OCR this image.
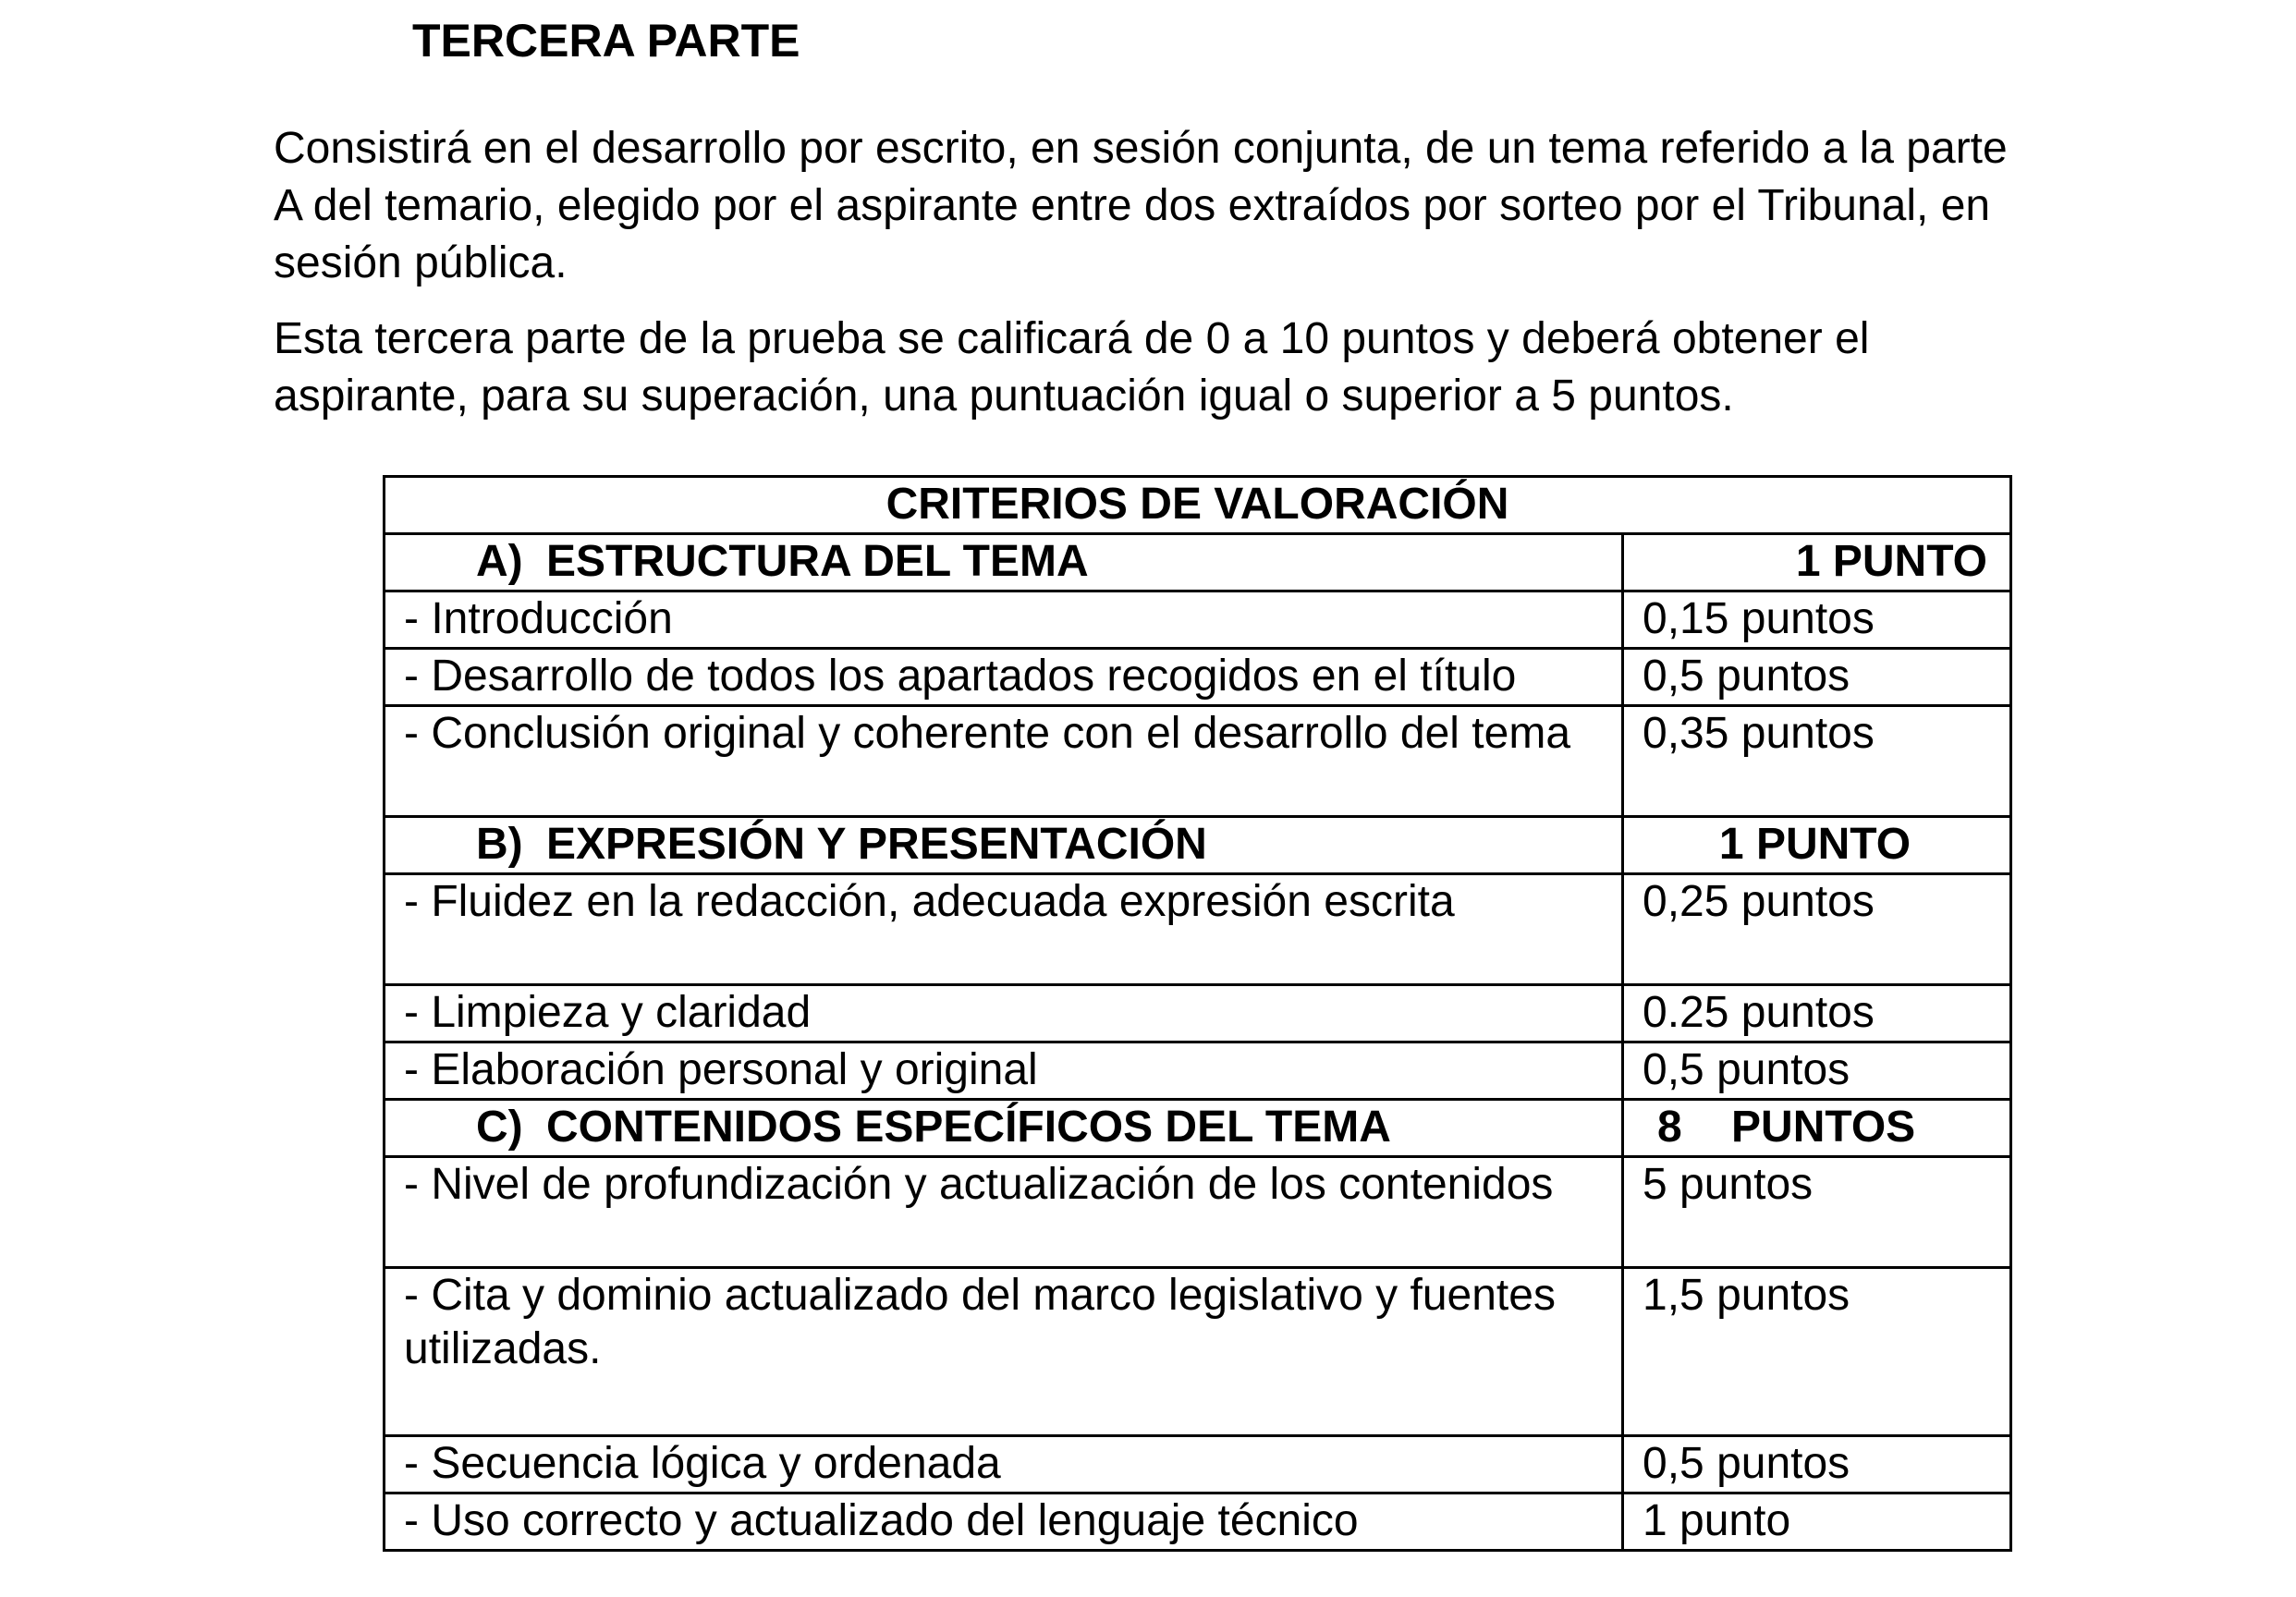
TERCERA PARTE

Consistirá en el desarrollo por escrito, en sesión conjunta, de un tema referido a la parte A del temario, elegido por el aspirante entre dos extraídos por sorteo por el Tribunal, en sesión pública.

Esta tercera parte de la prueba se calificará de 0 a 10 puntos y deberá obtener el aspirante, para su superación, una puntuación igual o superior a 5 puntos.

CRITERIOS DE VALORACIÓN	
A) ESTRUCTURA DEL TEMA	1 PUNTO
- Introducción	0,15 puntos
- Desarrollo de todos los apartados recogidos en el título	0,5 puntos
- Conclusión original y coherente con el desarrollo del tema	0,35 puntos
B) EXPRESIÓN Y PRESENTACIÓN	1 PUNTO
- Fluidez en la redacción, adecuada expresión escrita	0,25 puntos
- Limpieza y claridad	0.25 puntos
- Elaboración personal y original	0,5 puntos
C) CONTENIDOS ESPECÍFICOS DEL TEMA	8    PUNTOS
- Nivel de profundización y actualización de los contenidos	5 puntos
- Cita y dominio actualizado del marco legislativo y fuentes utilizadas.	1,5 puntos
- Secuencia lógica y ordenada	0,5 puntos
- Uso correcto y actualizado del lenguaje técnico	1 punto
